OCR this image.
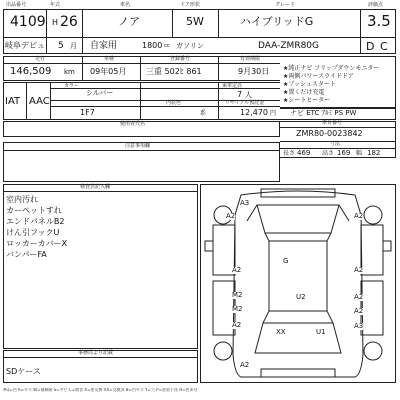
出品番号	年式	車名	ドア形状	グレード	評価点
4109 H 26	ノア	5W	ハイブリッドG	3.5
岐阜デビュ 5 月 自家用	1800 cc ガソリン	DAA-ZMR80G	D C
走行	車検	登録番号	有効期限
146,509 km 09年05月 三重 502ﾋ 861	9月30日 ★純正ナビ フリップダウンモニター
★両側パワースライドドア
★プッシュスタート
★置くだけ充電
★シートヒーター
IAT AAC
カラー	乗車定員
シルバー	7 人
内装色	リサイクル預託金
1F7	系	12,470 円 ナビ ETC ｱﾙﾐ PS PW
使用者氏名	車台番号
ZMR80-0023842
寸法
長さ 469 高さ 169 幅 182
注意事項欄
検査員記入欄
室内汚れ
カーペットすれ
エンドパネルB2
けん引フックU
ロッカーカバーX
バンパーFA
事務局より記載
SDケース
A3
A2	A2
G
A2	A2
M2	U2	A2
M2	A2
A2
XX	U1
A3
A2
※U=凹 A=キズ W=補修跡 S=サビ C=腐食 X=要交換 XX=交換済 B=凹キズ Y=穴 P=塗装不良 H=色あせ
